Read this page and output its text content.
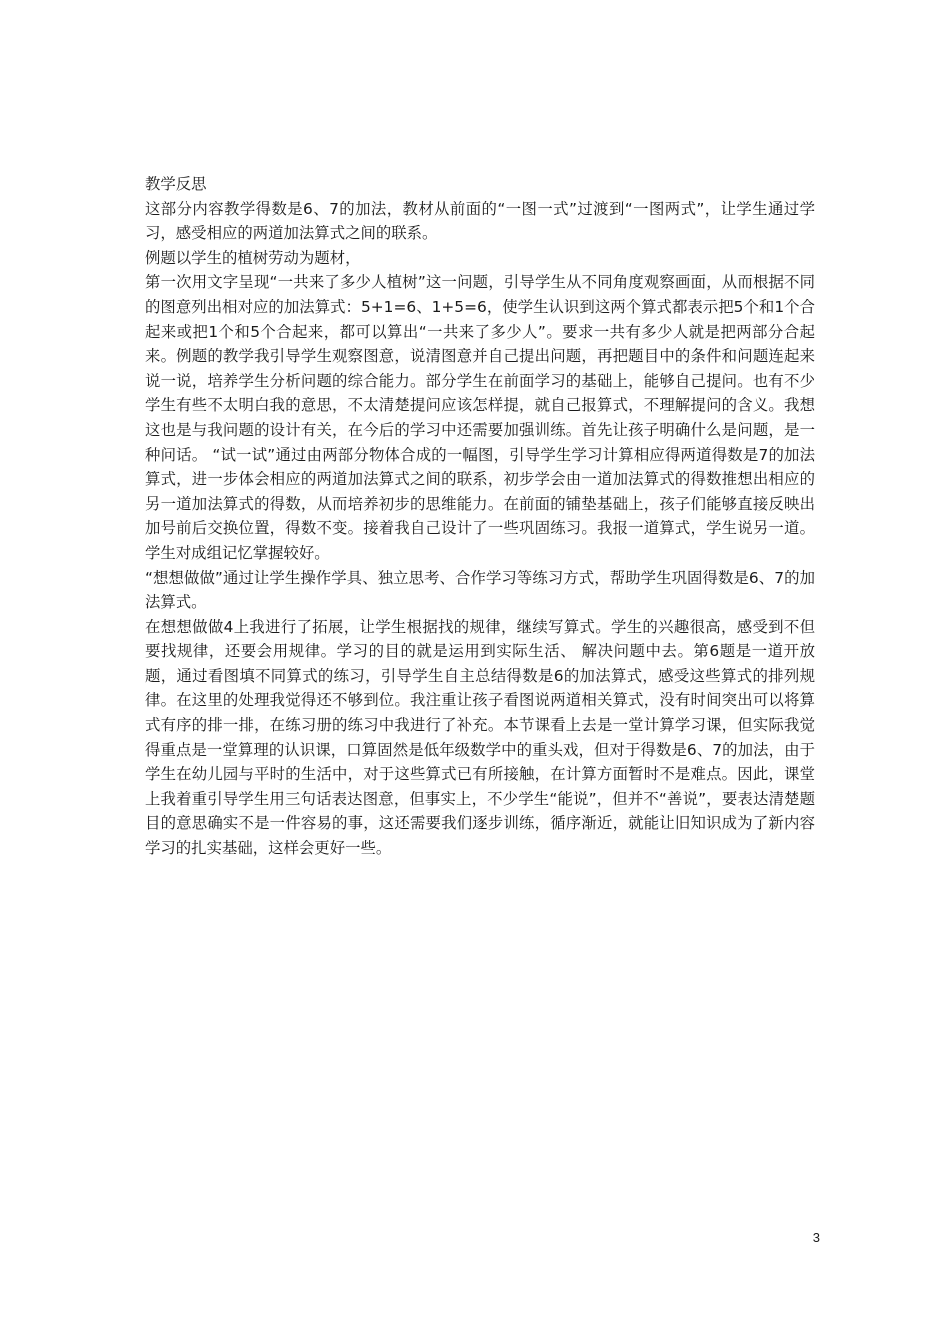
教学反思

这部分内容教学得数是6、7的加法，教材从前面的“一图一式”过渡到“一图两式”，让学生通过学习，感受相应的两道加法算式之间的联系。

例题以学生的植树劳动为题材，

第一次用文字呈现“一共来了多少人植树”这一问题，引导学生从不同角度观察画面，从而根据不同的图意列出相对应的加法算式：5+1=6、1+5=6，使学生认识到这两个算式都表示把5个和1个合起来或把1个和5个合起来，都可以算出“一共来了多少人”。要求一共有多少人就是把两部分合起来。例题的教学我引导学生观察图意，说清图意并自己提出问题，再把题目中的条件和问题连起来说一说，培养学生分析问题的综合能力。部分学生在前面学习的基础上，能够自己提问。也有不少学生有些不太明白我的意思，不太清楚提问应该怎样提，就自己报算式，不理解提问的含义。我想这也是与我问题的设计有关，在今后的学习中还需要加强训练。首先让孩子明确什么是问题，是一种问话。 “试一试”通过由两部分物体合成的一幅图，引导学生学习计算相应得两道得数是7的加法算式，进一步体会相应的两道加法算式之间的联系，初步学会由一道加法算式的得数推想出相应的另一道加法算式的得数，从而培养初步的思维能力。在前面的铺垫基础上，孩子们能够直接反映出加号前后交换位置，得数不变。接着我自己设计了一些巩固练习。我报一道算式，学生说另一道。学生对成组记忆掌握较好。

“想想做做”通过让学生操作学具、独立思考、合作学习等练习方式，帮助学生巩固得数是6、7的加法算式。

在想想做做4上我进行了拓展，让学生根据找的规律，继续写算式。学生的兴趣很高，感受到不但要找规律，还要会用规律。学习的目的就是运用到实际生活、 解决问题中去。第6题是一道开放题，通过看图填不同算式的练习，引导学生自主总结得数是6的加法算式，感受这些算式的排列规律。在这里的处理我觉得还不够到位。我注重让孩子看图说两道相关算式，没有时间突出可以将算式有序的排一排，在练习册的练习中我进行了补充。本节课看上去是一堂计算学习课，但实际我觉得重点是一堂算理的认识课，口算固然是低年级数学中的重头戏，但对于得数是6、7的加法，由于学生在幼儿园与平时的生活中，对于这些算式已有所接触，在计算方面暂时不是难点。因此，课堂上我着重引导学生用三句话表达图意，但事实上，不少学生“能说”，但并不“善说”，要表达清楚题目的意思确实不是一件容易的事，这还需要我们逐步训练，循序渐近，就能让旧知识成为了新内容学习的扎实基础，这样会更好一些。

3
